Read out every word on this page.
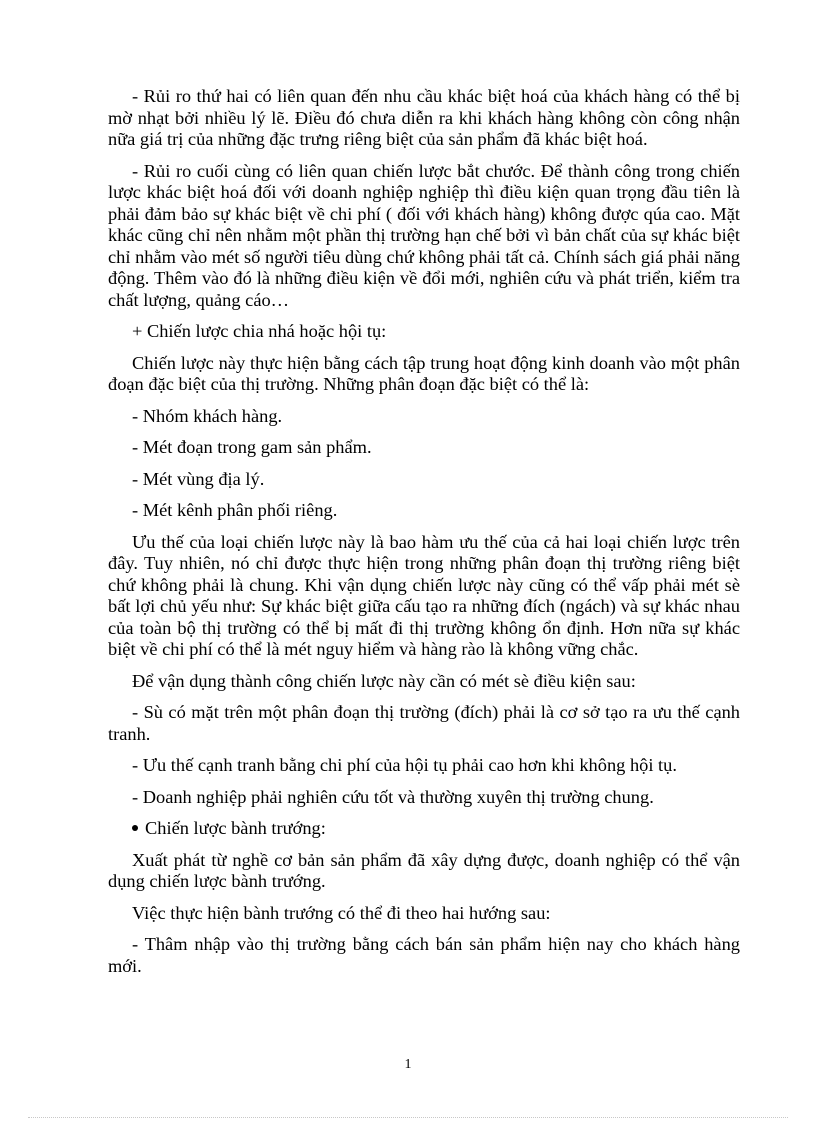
- Rủi ro thứ hai có liên quan đến nhu cầu khác biệt hoá của khách hàng có thể bị mờ nhạt bởi nhiều lý lẽ. Điều đó chưa diễn ra khi khách hàng không còn công nhận nữa giá trị của những đặc trưng riêng biệt của sản phẩm đã khác biệt hoá.

- Rủi ro cuối cùng có liên quan chiến lược bắt chước. Để thành công trong chiến lược khác biệt hoá đối với doanh nghiệp nghiệp thì điều kiện quan trọng đầu tiên là phải đảm bảo sự khác biệt về chi phí ( đối với khách hàng) không được qúa cao. Mặt khác cũng chỉ nên nhằm một phần thị trường hạn chế bởi vì bản chất của sự khác biệt chỉ nhằm vào mét số người tiêu dùng chứ không phải tất cả. Chính sách giá phải năng động. Thêm vào đó là những điều kiện về đổi mới, nghiên cứu và phát triển, kiểm tra chất lượng, quảng cáo…

+ Chiến lược chia nhá hoặc hội tụ:

Chiến lược này thực hiện bằng cách tập trung hoạt động kinh doanh vào một phân đoạn đặc biệt của thị trường. Những phân đoạn đặc biệt có thể là:

- Nhóm khách hàng.

- Mét đoạn trong gam sản phẩm.

- Mét vùng địa lý.

- Mét kênh phân phối riêng.

Ưu thế của loại chiến lược này là bao hàm ưu thế của cả hai loại chiến lược trên đây. Tuy nhiên, nó chỉ được thực hiện trong những phân đoạn thị trường riêng biệt chứ không phải là chung. Khi vận dụng chiến lược này cũng có thể vấp phải mét sè bất lợi chủ yếu như: Sự khác biệt giữa cấu tạo ra những đích (ngách) và sự khác nhau của toàn bộ thị trường có thể bị mất đi thị trường không ổn định. Hơn nữa sự khác biệt về chi phí có thể là mét nguy hiểm và hàng rào là không vững chắc.

Để vận dụng thành công chiến lược này cần có mét sè điều kiện sau:

- Sù có mặt trên một phân đoạn thị trường (đích) phải là cơ sở tạo ra ưu thế cạnh tranh.

- Ưu thế cạnh tranh bằng chi phí của hội tụ phải cao hơn khi không hội tụ.

- Doanh nghiệp phải nghiên cứu tốt và thường xuyên thị trường chung.

Chiến lược bành trướng:

Xuất phát từ nghề cơ bản sản phẩm đã xây dựng được, doanh nghiệp có thể vận dụng chiến lược bành trướng.

Việc thực hiện bành trướng có thể đi theo hai hướng sau:

- Thâm nhập vào thị trường bằng cách bán sản phẩm hiện nay cho khách hàng mới.

1
